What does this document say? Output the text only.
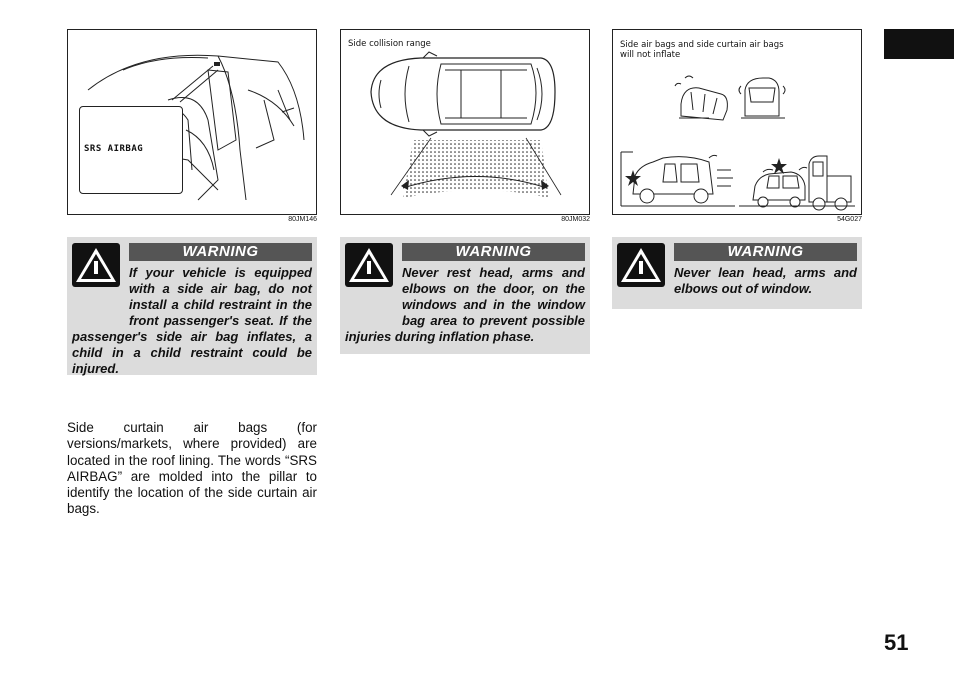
SRS AIRBAG
80JM146
Side collision range
80JM032
Side air bags and side curtain air bags
will not inflate
54G027
WARNING
If your vehicle is equipped with a side air bag, do not install a child restraint in the front passenger's seat. If the passenger's side air bag inflates, a child in a child restraint could be injured.
WARNING
Never rest head, arms and elbows on the door, on the windows and in the window bag area to prevent possible injuries during inflation phase.
WARNING
Never lean head, arms and elbows out of window.
Side curtain air bags (for versions/markets, where provided) are located in the roof lining. The words “SRS AIRBAG” are molded into the pillar to identify the location of the side curtain air bags.
51
